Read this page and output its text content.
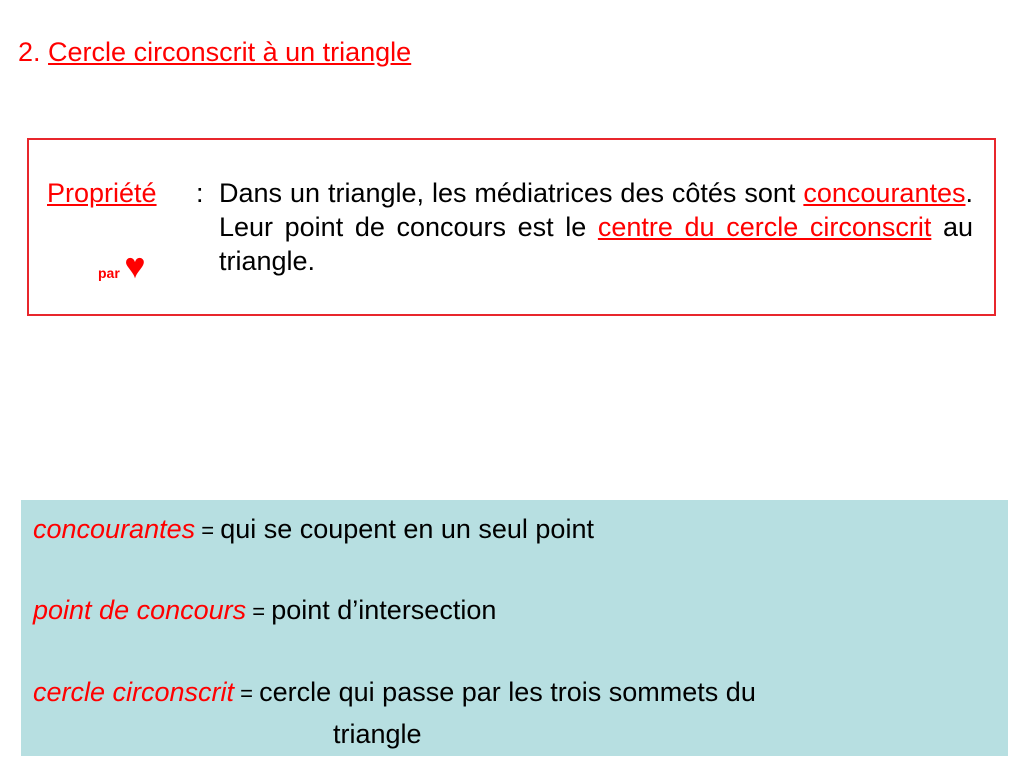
2. Cercle circonscrit à un triangle
Propriété : Dans un triangle, les médiatrices des côtés sont concourantes. Leur point de concours est le centre du cercle circonscrit au triangle.
par ♥
concourantes = qui se coupent en un seul point
point de concours = point d’intersection
cercle circonscrit = cercle qui passe par les trois sommets du
triangle
